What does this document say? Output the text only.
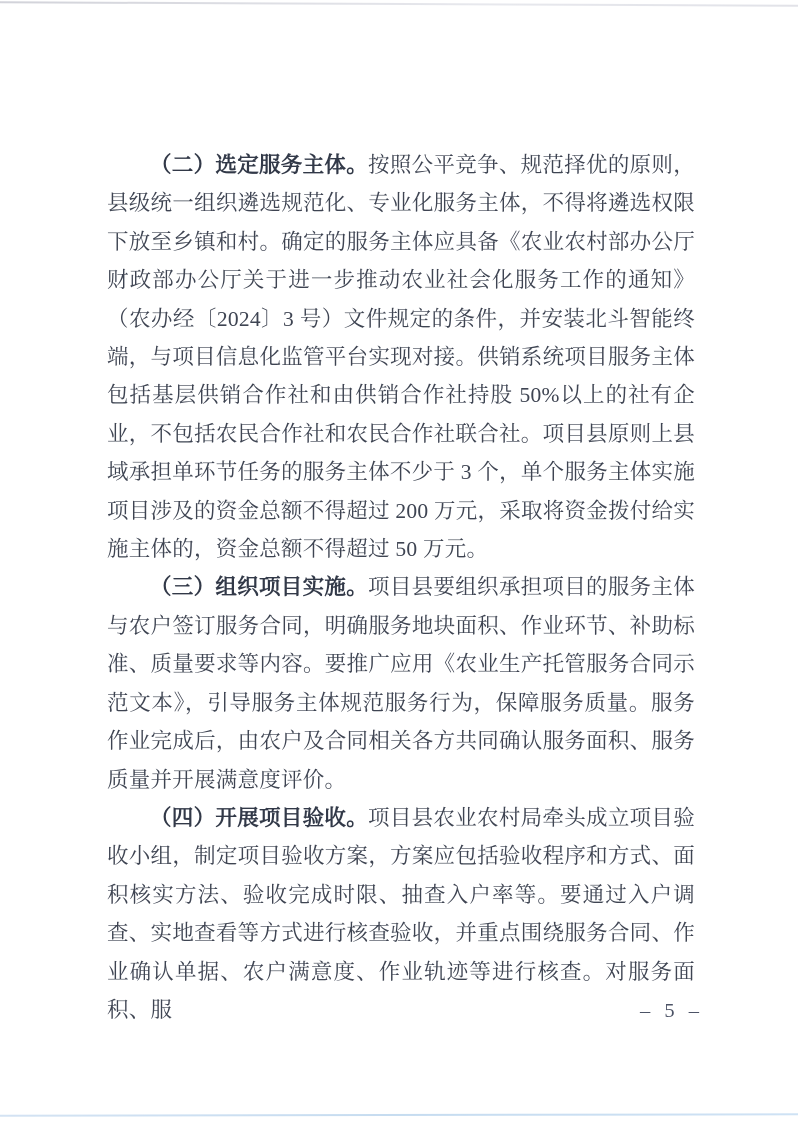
（二）选定服务主体。按照公平竞争、规范择优的原则，县级统一组织遴选规范化、专业化服务主体，不得将遴选权限下放至乡镇和村。确定的服务主体应具备《农业农村部办公厅财政部办公厅关于进一步推动农业社会化服务工作的通知》（农办经〔2024〕3 号）文件规定的条件，并安装北斗智能终端，与项目信息化监管平台实现对接。供销系统项目服务主体包括基层供销合作社和由供销合作社持股 50%以上的社有企业，不包括农民合作社和农民合作社联合社。项目县原则上县域承担单环节任务的服务主体不少于 3 个，单个服务主体实施项目涉及的资金总额不得超过 200 万元，采取将资金拨付给实施主体的，资金总额不得超过 50 万元。

（三）组织项目实施。项目县要组织承担项目的服务主体与农户签订服务合同，明确服务地块面积、作业环节、补助标准、质量要求等内容。要推广应用《农业生产托管服务合同示范文本》，引导服务主体规范服务行为，保障服务质量。服务作业完成后，由农户及合同相关各方共同确认服务面积、服务质量并开展满意度评价。

（四）开展项目验收。项目县农业农村局牵头成立项目验收小组，制定项目验收方案，方案应包括验收程序和方式、面积核实方法、验收完成时限、抽查入户率等。要通过入户调查、实地查看等方式进行核查验收，并重点围绕服务合同、作业确认单据、农户满意度、作业轨迹等进行核查。对服务面积、服	– 5 –
